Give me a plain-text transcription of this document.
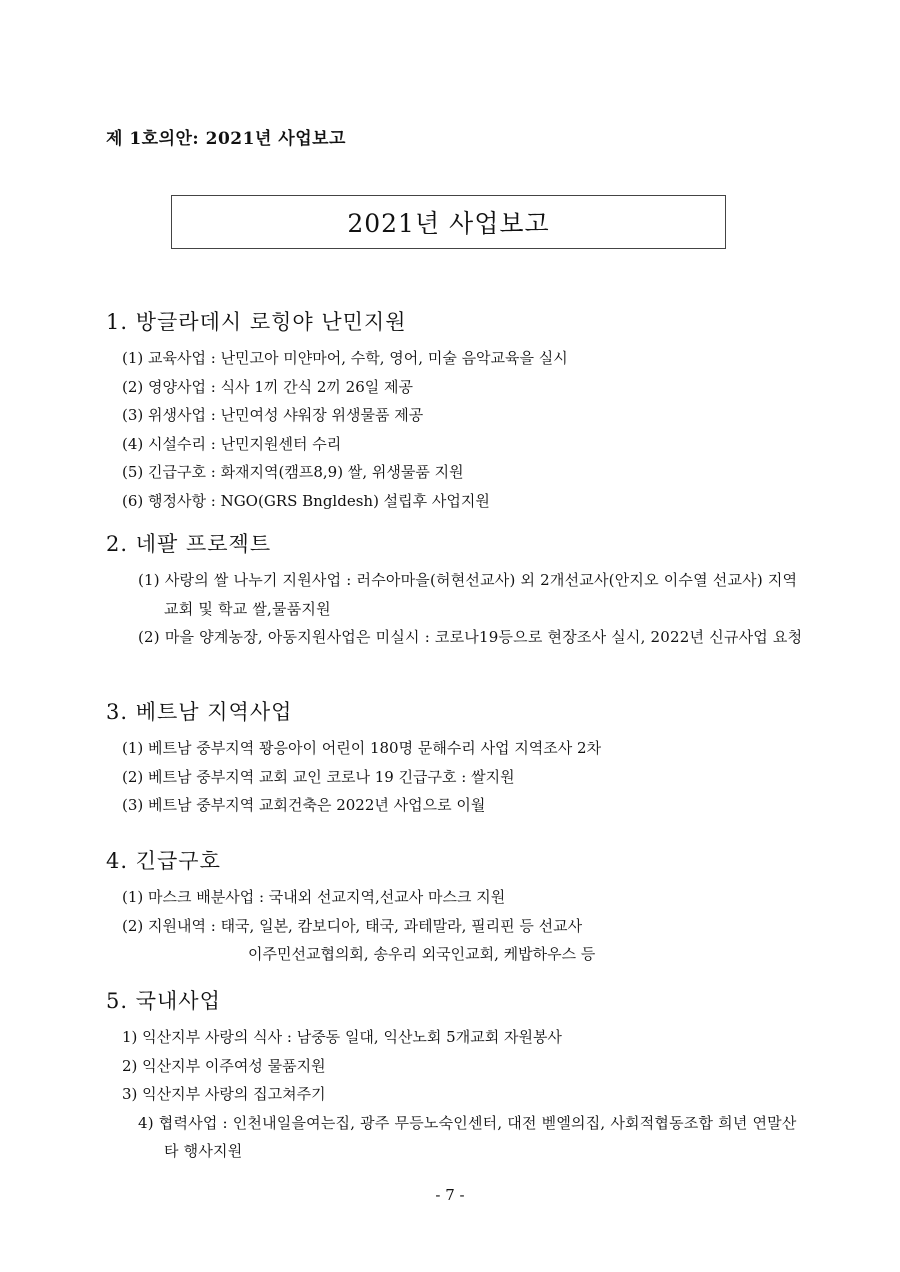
제 1호의안: 2021년 사업보고
2021년 사업보고
1. 방글라데시 로힝야 난민지원
(1) 교육사업 : 난민고아 미얀마어, 수학, 영어, 미술 음악교육을 실시
(2) 영양사업 : 식사 1끼 간식 2끼 26일 제공
(3) 위생사업 : 난민여성 샤워장 위생물품 제공
(4) 시설수리 : 난민지원센터 수리
(5) 긴급구호 : 화재지역(캠프8,9) 쌀, 위생물품 지원
(6) 행정사항 : NGO(GRS Bngldesh) 설립후 사업지원
2. 네팔 프로젝트
(1) 사랑의 쌀 나누기 지원사업 : 러수아마을(허현선교사) 외 2개선교사(안지오 이수열 선교사) 지역교회 및 학교 쌀,물품지원
(2) 마을 양계농장, 아동지원사업은 미실시 : 코로나19등으로 현장조사 실시, 2022년 신규사업 요청
3. 베트남 지역사업
(1) 베트남 중부지역 꽝응아이 어린이 180명 문해수리 사업 지역조사 2차
(2) 베트남 중부지역 교회 교인 코로나 19 긴급구호 : 쌀지원
(3) 베트남 중부지역 교회건축은 2022년 사업으로 이월
4. 긴급구호
(1) 마스크 배분사업 : 국내외 선교지역,선교사 마스크 지원
(2) 지원내역 : 태국, 일본, 캄보디아, 태국, 과테말라, 필리핀 등 선교사
이주민선교협의회, 송우리 외국인교회, 케밥하우스 등
5. 국내사업
1) 익산지부 사랑의 식사 : 남중동 일대, 익산노회 5개교회 자원봉사
2) 익산지부 이주여성 물품지원
3) 익산지부 사랑의 집고쳐주기
4) 협력사업 : 인천내일을여는집, 광주 무등노숙인센터, 대전 벧엘의집, 사회적협동조합 희년 연말산타 행사지원
- 7 -
